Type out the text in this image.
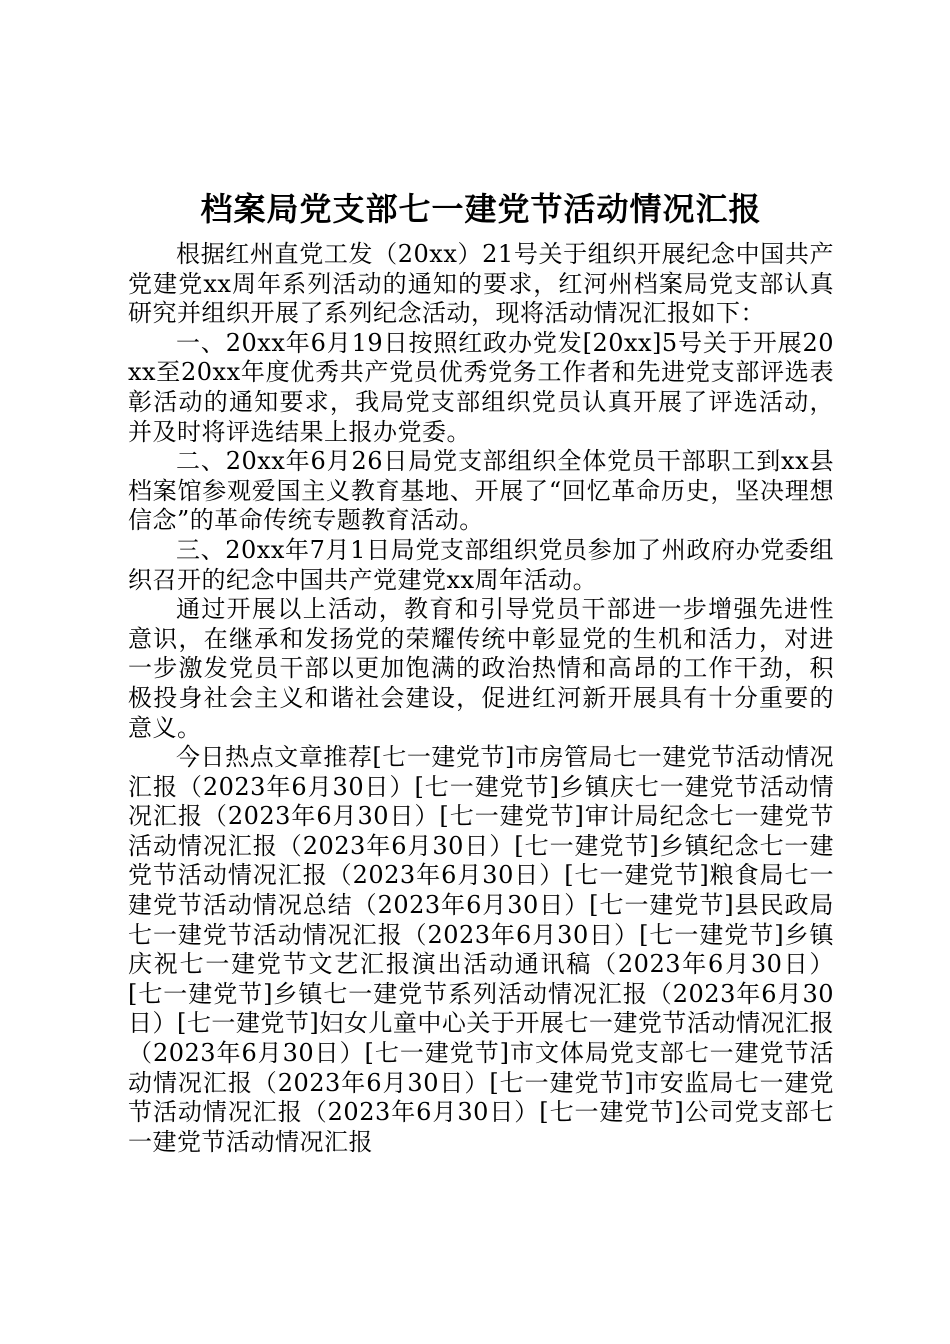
档案局党支部七一建党节活动情况汇报

根据红州直党工发（20xx）21号关于组织开展纪念中国共产党建党xx周年系列活动的通知的要求，红河州档案局党支部认真研究并组织开展了系列纪念活动，现将活动情况汇报如下：

一、20xx年6月19日按照红政办党发[20xx]5号关于开展20xx至20xx年度优秀共产党员优秀党务工作者和先进党支部评选表彰活动的通知要求，我局党支部组织党员认真开展了评选活动，并及时将评选结果上报办党委。

二、20xx年6月26日局党支部组织全体党员干部职工到xx县档案馆参观爱国主义教育基地、开展了“回忆革命历史，坚决理想信念”的革命传统专题教育活动。

三、20xx年7月1日局党支部组织党员参加了州政府办党委组织召开的纪念中国共产党建党xx周年活动。

通过开展以上活动，教育和引导党员干部进一步增强先进性意识，在继承和发扬党的荣耀传统中彰显党的生机和活力，对进一步激发党员干部以更加饱满的政治热情和高昂的工作干劲，积极投身社会主义和谐社会建设，促进红河新开展具有十分重要的意义。

今日热点文章推荐[七一建党节]市房管局七一建党节活动情况汇报（2023年6月30日）[七一建党节]乡镇庆七一建党节活动情况汇报（2023年6月30日）[七一建党节]审计局纪念七一建党节活动情况汇报（2023年6月30日）[七一建党节]乡镇纪念七一建党节活动情况汇报（2023年6月30日）[七一建党节]粮食局七一建党节活动情况总结（2023年6月30日）[七一建党节]县民政局七一建党节活动情况汇报（2023年6月30日）[七一建党节]乡镇庆祝七一建党节文艺汇报演出活动通讯稿（2023年6月30日）[七一建党节]乡镇七一建党节系列活动情况汇报（2023年6月30日）[七一建党节]妇女儿童中心关于开展七一建党节活动情况汇报（2023年6月30日）[七一建党节]市文体局党支部七一建党节活动情况汇报（2023年6月30日）[七一建党节]市安监局七一建党节活动情况汇报（2023年6月30日）[七一建党节]公司党支部七一建党节活动情况汇报
